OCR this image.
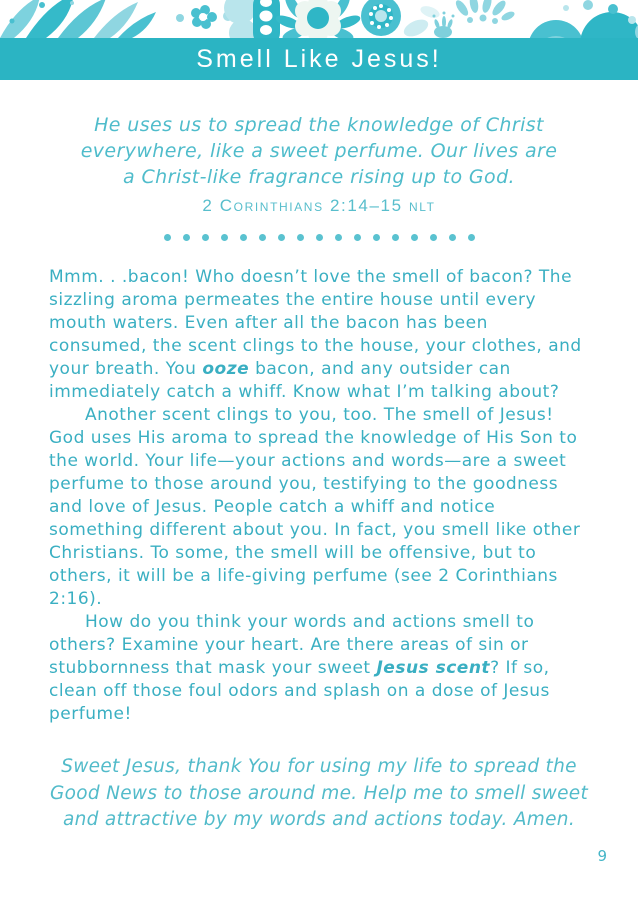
Smell Like Jesus!
He uses us to spread the knowledge of Christ
everywhere, like a sweet perfume. Our lives are
a Christ-like fragrance rising up to God.
2 Corinthians 2:14–15 nlt

Mmm. . .bacon! Who doesn’t love the smell of bacon? The sizzling aroma permeates the entire house until every mouth waters. Even after all the bacon has been consumed, the scent clings to the house, your clothes, and your breath. You ooze bacon, and any outsider can immediately catch a whiff. Know what I’m talking about?

Another scent clings to you, too. The smell of Jesus! God uses His aroma to spread the knowledge of His Son to the world. Your life—your actions and words—are a sweet perfume to those around you, testifying to the goodness and love of Jesus. People catch a whiff and notice something different about you. In fact, you smell like other Christians. To some, the smell will be offensive, but to others, it will be a life-giving perfume (see 2 Corinthians 2:16).

How do you think your words and actions smell to others? Examine your heart. Are there areas of sin or stubbornness that mask your sweet Jesus scent? If so, clean off those foul odors and splash on a dose of Jesus perfume!

Sweet Jesus, thank You for using my life to spread the
Good News to those around me. Help me to smell sweet
and attractive by my words and actions today. Amen.
9
